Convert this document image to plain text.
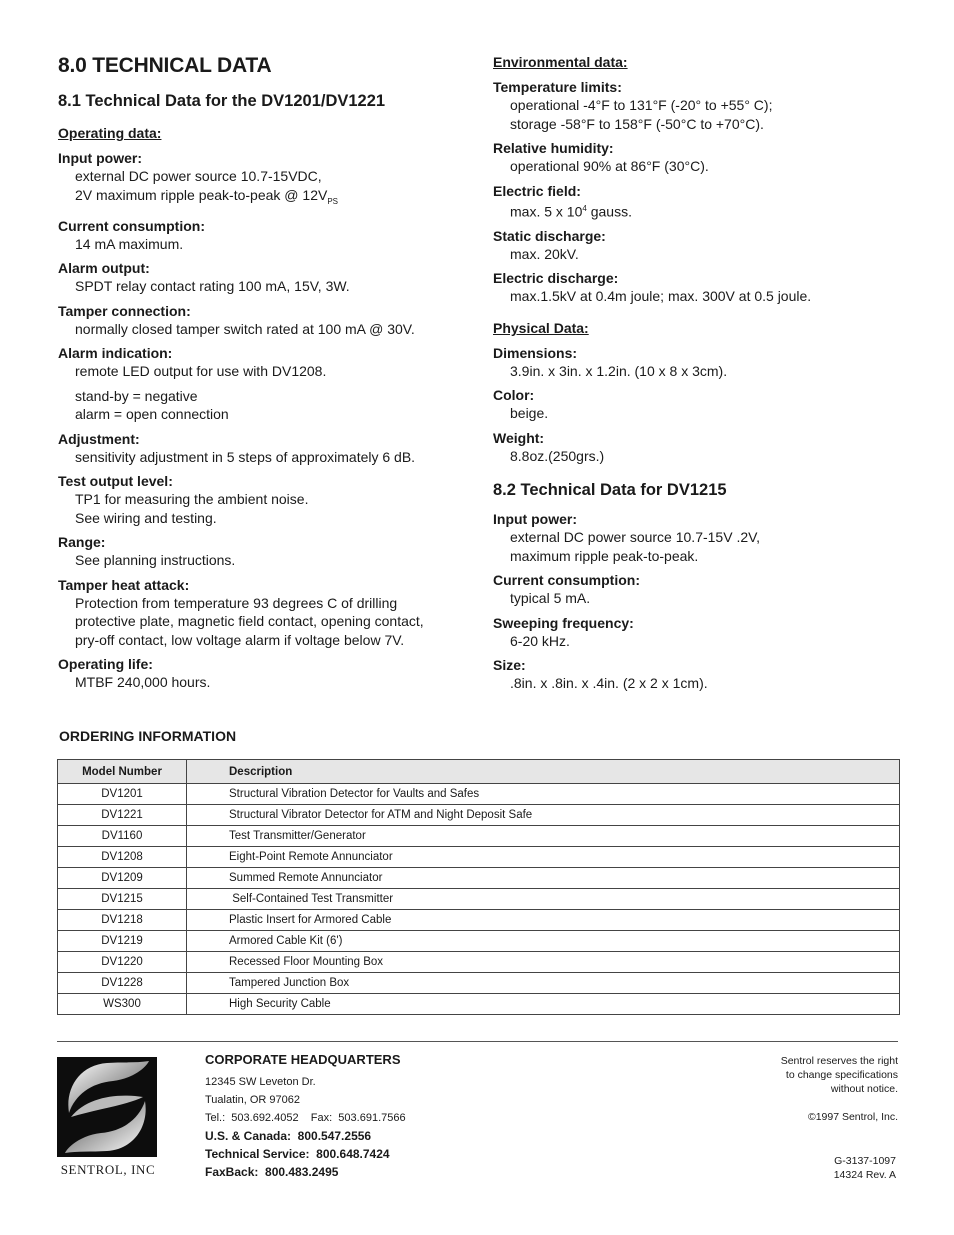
8.0 TECHNICAL DATA
8.1 Technical Data for the DV1201/DV1221
Operating data:
Input power:
external DC power source 10.7-15VDC,
2V maximum ripple peak-to-peak @ $12V_{PS}$
Current consumption:
14 mA maximum.
Alarm output:
SPDT relay contact rating 100 mA, 15V, 3W.
Tamper connection:
normally closed tamper switch rated at 100 mA @ 30V.
Alarm indication:
remote LED output for use with DV1208.
stand-by = negative
alarm = open connection
Adjustment:
sensitivity adjustment in 5 steps of approximately 6 dB.
Test output level:
TP1 for measuring the ambient noise.
See wiring and testing.
Range:
See planning instructions.
Tamper heat attack:
Protection from temperature 93 degrees C of drilling
protective plate, magnetic field contact, opening contact,
pry-off contact, low voltage alarm if voltage below 7V.
Operating life:
MTBF 240,000 hours.
Environmental data:
Temperature limits:
operational -4°F to 131°F (-20° to +55° C);
storage -58°F to 158°F (-50°C to +70°C).
Relative humidity:
operational 90% at 86°F (30°C).
Electric field:
max. 5 x $10^4$ gauss.
Static discharge:
max. 20kV.
Electric discharge:
max.1.5kV at 0.4m joule; max. 300V at 0.5 joule.
Physical Data:
Dimensions:
3.9in. x 3in. x 1.2in. (10 x 8 x 3cm).
Color:
beige.
Weight:
8.8oz.(250grs.)
8.2 Technical Data for DV1215
Input power:
external DC power source 10.7-15V .2V,
maximum ripple peak-to-peak.
Current consumption:
typical 5 mA.
Sweeping frequency:
6-20 kHz.
Size:
.8in. x .8in. x .4in. (2 x 2 x 1cm).
ORDERING INFORMATION
Model Number	Description
DV1201	Structural Vibration Detector for Vaults and Safes
DV1221	Structural Vibrator Detector for ATM and Night Deposit Safe
DV1160	Test Transmitter/Generator
DV1208	Eight-Point Remote Annunciator
DV1209	Summed Remote Annunciator
DV1215	Self-Contained Test Transmitter
DV1218	Plastic Insert for Armored Cable
DV1219	Armored Cable Kit (6')
DV1220	Recessed Floor Mounting Box
DV1228	Tampered Junction Box
WS300	High Security Cable
SENTROL, INC
CORPORATE HEADQUARTERS
12345 SW Leveton Dr.
Tualatin, OR 97062
Tel.:  503.692.4052    Fax:  503.691.7566
U.S. & Canada:  800.547.2556
Technical Service:  800.648.7424
FaxBack:  800.483.2495
Sentrol reserves the right
to change specifications
without notice.
©1997 Sentrol, Inc.
G-3137-1097
14324 Rev. A
